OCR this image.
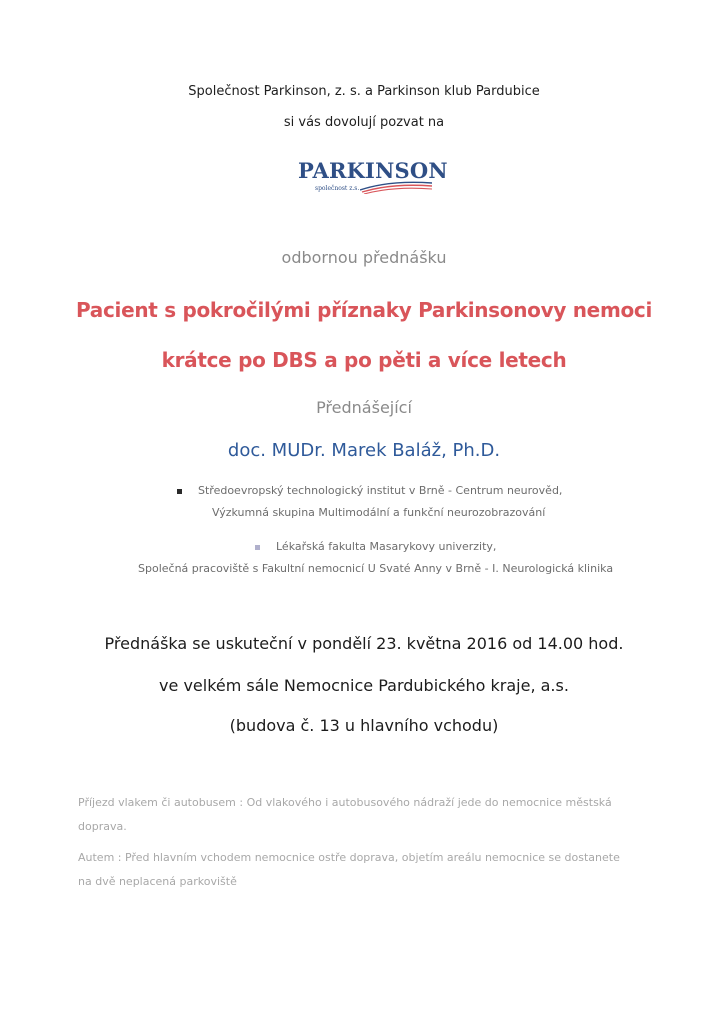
Společnost Parkinson, z. s. a Parkinson klub Pardubice
si vás dovolují pozvat na
PARKINSON
společnost z.s.
odbornou přednášku
Pacient s pokročilými příznaky Parkinsonovy nemoci
krátce po DBS a po pěti a více letech
Přednášející
doc. MUDr. Marek Baláž, Ph.D.
Středoevropský technologický institut v Brně - Centrum neurověd,
Výzkumná skupina Multimodální a funkční neurozobrazování
Lékařská fakulta Masarykovy univerzity,
Společná pracoviště s Fakultní nemocnicí U Svaté Anny v Brně - I. Neurologická klinika
Přednáška se uskuteční v pondělí 23. května 2016 od 14.00 hod.
ve velkém sále Nemocnice Pardubického kraje, a.s.
(budova č. 13 u hlavního vchodu)
Příjezd vlakem či autobusem : Od vlakového i autobusového nádraží jede do nemocnice městská
doprava.
Autem : Před hlavním vchodem nemocnice ostře doprava, objetím areálu nemocnice se dostanete
na dvě neplacená parkoviště
